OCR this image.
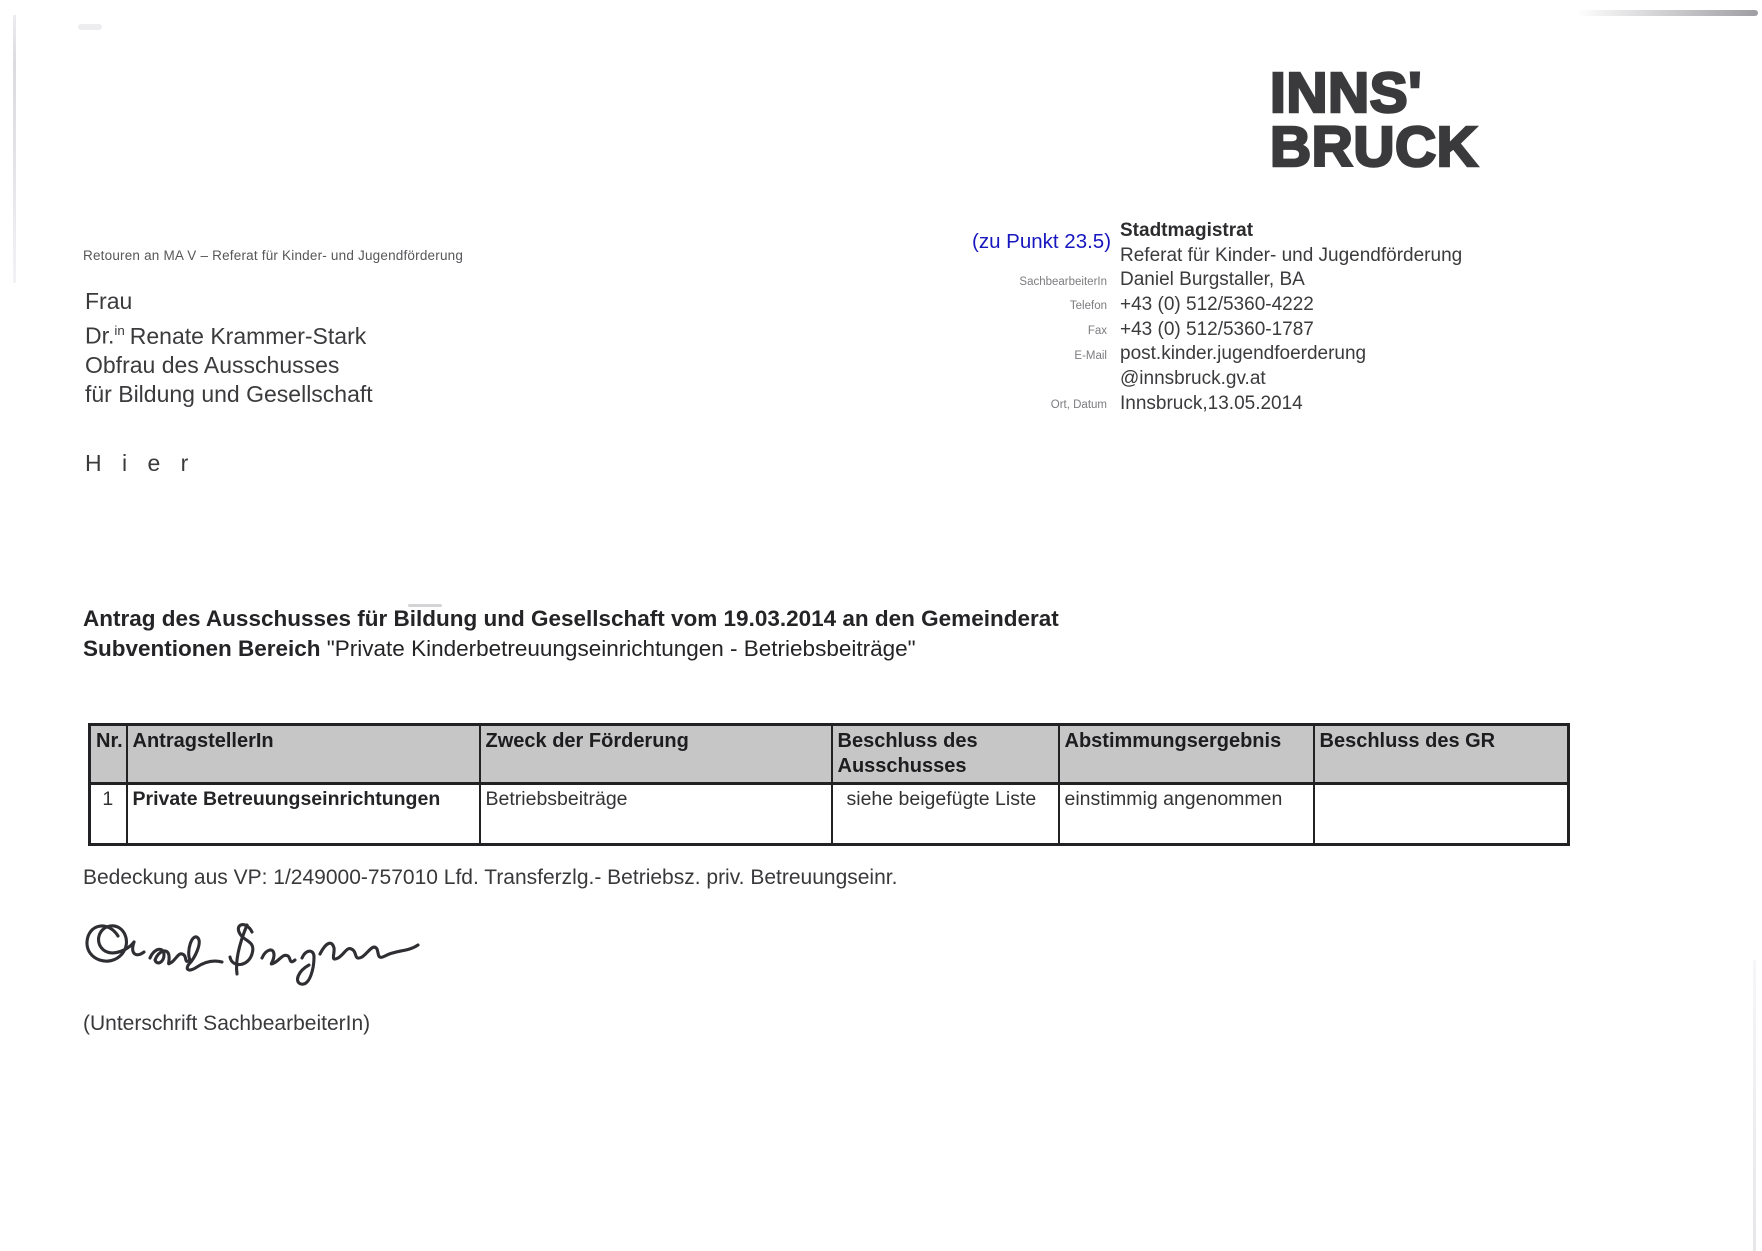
Retouren an MA V – Referat für Kinder- und Jugendförderung
Frau
Dr.$^{in}$ Renate Krammer-Stark
Obfrau des Ausschusses
für Bildung und Gesellschaft
H i e r
(zu Punkt 23.5) Stadtmagistrat
Referat für Kinder- und Jugendförderung
SachbearbeiterIn Daniel Burgstaller, BA
Telefon +43 (0) 512/5360-4222
Fax +43 (0) 512/5360-1787
E-Mail post.kinder.jugendfoerderung
@innsbruck.gv.at
Ort, Datum Innsbruck,13.05.2014
INNS'
BRUCK
Antrag des Ausschusses für Bildung und Gesellschaft vom 19.03.2014 an den Gemeinderat
Subventionen Bereich "Private Kinderbetreuungseinrichtungen - Betriebsbeiträge"
Nr.	AntragstellerIn	Zweck der Förderung	Beschluss des Ausschusses	Abstimmungsergebnis	Beschluss des GR
1	Private Betreuungseinrichtungen	Betriebsbeiträge	siehe beigefügte Liste	einstimmig angenommen	
Bedeckung aus VP: 1/249000-757010 Lfd. Transferzlg.- Betriebsz. priv. Betreuungseinr.
(Unterschrift SachbearbeiterIn)
